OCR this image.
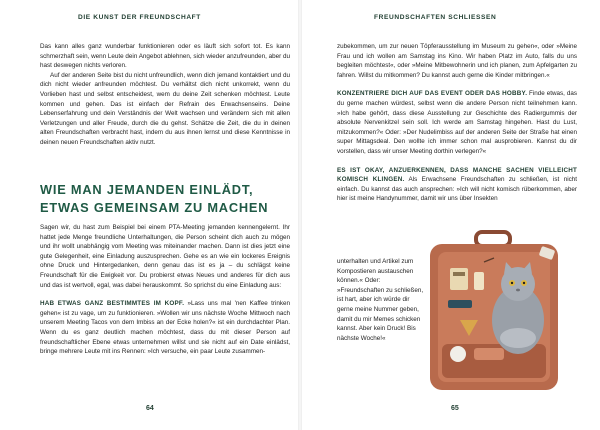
DIE KUNST DER FREUNDSCHAFT

Das kann alles ganz wunderbar funktionieren oder es läuft sich sofort tot. Es kann schmerzhaft sein, wenn Leute dein Angebot ablehnen, sich wieder anzufreunden, aber du hast deswegen nichts verloren.

Auf der anderen Seite bist du nicht unfreundlich, wenn dich jemand kontaktiert und du dich nicht wieder anfreunden möchtest. Du verhältst dich nicht unkorrekt, wenn du Vorlieben hast und selbst entscheidest, wem du deine Zeit schenken möchtest. Leute kommen und gehen. Das ist einfach der Refrain des Erwachsenseins. Deine Lebenserfahrung und dein Verständnis der Welt wachsen und verändern sich mit allen Verletzungen und aller Freude, durch die du gehst. Schätze die Zeit, die du in deinen alten Freundschaften verbracht hast, indem du aus ihnen lernst und diese Kenntnisse in deinen neuen Freundschaften aktiv nutzt.

WIE MAN JEMANDEN EINLÄDT, ETWAS GEMEINSAM ZU MACHEN

Sagen wir, du hast zum Beispiel bei einem PTA-Meeting jemanden kennengelernt. Ihr hattet jede Menge freundliche Unterhaltungen, die Person scheint dich auch zu mögen und ihr wollt unabhängig vom Meeting was miteinander machen. Dann ist dies jetzt eine gute Gelegenheit, eine Einladung auszusprechen. Gehe es an wie ein lockeres Ereignis ohne Druck und Hintergedanken, denn genau das ist es ja – du schlägst keine Freundschaft für die Ewigkeit vor. Du probierst etwas Neues und anderes für dich aus und das ist wertvoll, egal, was dabei herauskommt. So sprichst du eine Einladung aus:

HAB ETWAS GANZ BESTIMMTES IM KOPF. »Lass uns mal 'nen Kaffee trinken gehen« ist zu vage, um zu funktionieren. »Wollen wir uns nächste Woche Mittwoch nach unserem Meeting Tacos von dem Imbiss an der Ecke holen?« ist ein durchdachter Plan. Wenn du es ganz deutlich machen möchtest, dass du mit dieser Person auf freundschaftlicher Ebene etwas unternehmen willst und sie nicht auf ein Date einlädst, bringe mehrere Leute mit ins Rennen: »Ich versuche, ein paar Leute zusammen-

64
FREUNDSCHAFTEN SCHLIESSEN

zubekommen, um zur neuen Töpferausstellung im Museum zu gehen«, oder »Meine Frau und ich wollen am Samstag ins Kino. Wir haben Platz im Auto, falls du uns begleiten möchtest«, oder »Meine Mitbewohnerin und ich planen, zum Apfelgarten zu fahren. Willst du mitkommen? Du kannst auch gerne die Kinder mitbringen.«

KONZENTRIERE DICH AUF DAS EVENT ODER DAS HOBBY. Finde etwas, das du gerne machen würdest, selbst wenn die andere Person nicht teilnehmen kann. »Ich habe gehört, dass diese Ausstellung zur Geschichte des Radiergummis der absolute Nervenkitzel sein soll. Ich werde am Samstag hingehen. Hast du Lust, mitzukommen?« Oder: »Der Nudelimbiss auf der anderen Seite der Straße hat einen super Mittagsdeal. Den wollte ich immer schon mal ausprobieren. Kannst du dir vorstellen, dass wir unser Meeting dorthin verlegen?«

ES IST OKAY, ANZUERKENNEN, DASS MANCHE SACHEN VIELLEICHT KOMISCH KLINGEN. Als Erwachsene Freundschaften zu schließen, ist nicht einfach. Du kannst das auch ansprechen: »Ich will nicht komisch rüberkommen, aber hier ist meine Handynummer, damit wir uns über Insekten

65

unterhalten und Artikel zum Kompostieren austauschen können.« Oder: »Freundschaften zu schließen, ist hart, aber ich würde dir gerne meine Nummer geben, damit du mir Memes schicken kannst. Aber kein Druck! Bis nächste Woche!«
